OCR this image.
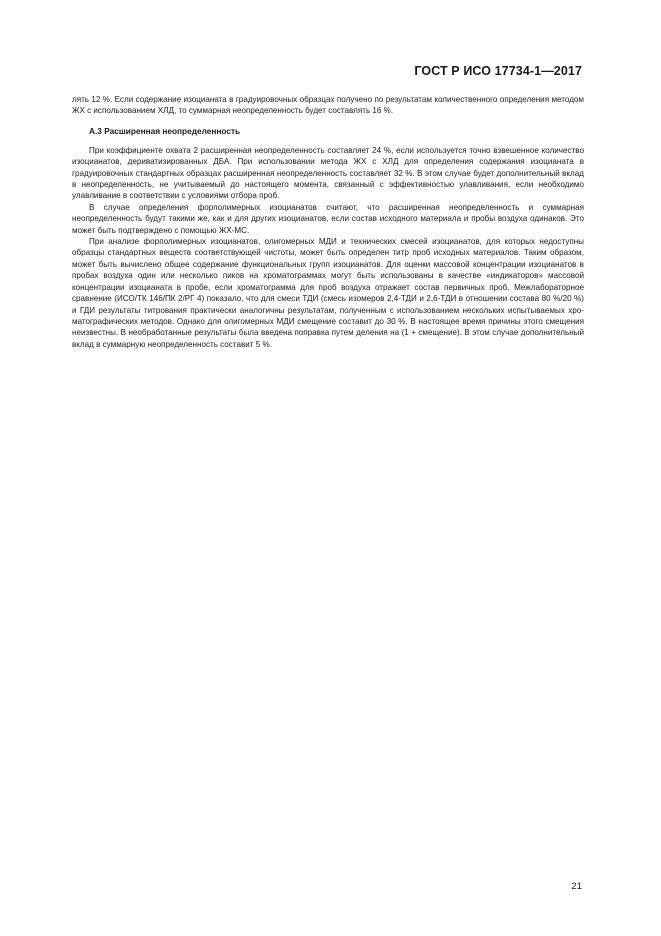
ГОСТ Р ИСО 17734-1—2017

лять 12 %. Если содержание изоцианата в градуировочных образцах получено по результатам количественного определения методом ЖХ с использованием ХЛД, то суммарная неопределенность будет составлять 16 %.

А.3 Расширенная неопределенность

При коэффициенте охвата 2 расширенная неопределенность составляет 24 %, если используется точно взвешенное количество изоцианатов, дериватизированных ДБА. При использовании метода ЖХ с ХЛД для определения содержания изоцианата в градуировочных стандартных образцах расширенная неопределенность составляет 32 %. В этом случае будет дополнительный вклад в неопределенность, не учитываемый до настоящего момента, связанный с эффективностью улавливания, если необходимо улавливание в соответствии с условиями отбора проб.

В случае определения форполимерных изоцианатов считают, что расширенная неопределенность и суммарная неопределенность будут такими же, как и для других изоцианатов, если состав исходного материала и пробы воздуха одинаков. Это может быть подтверждено с помощью ЖХ-МС.

При анализе форполимерных изоцианатов, олигомерных МДИ и технических смесей изоцианатов, для которых недоступны образцы стандартных веществ соответствующей чистоты, может быть определен титр проб исходных материалов. Таким образом, может быть вычислено общее содержание функциональных групп изоцианатов. Для оценки массовой концентрации изоцианатов в пробах воздуха один или несколько пиков на хроматограммах могут быть использованы в качестве «индикаторов» массовой концентрации изоцианата в пробе, если хроматограмма для проб воздуха отражает состав первичных проб. Межлабораторное сравнение (ИСО/ТК 146/ПК 2/РГ 4) показало, что для смеси ТДИ (смесь изомеров 2,4-ТДИ и 2,6-ТДИ в отношении состава 80 %/20 %) и ГДИ результаты титрования практически аналогичны результатам, полученным с использованием нескольких испытываемых хроматографических методов. Однако для олигомерных МДИ смещение составит до 30 %. В настоящее время причины этого смещения неизвестны. В необработанные результаты была введена поправка путем деления на (1 + смещение). В этом случае дополнительный вклад в суммарную неопределенность составит 5 %.

21
